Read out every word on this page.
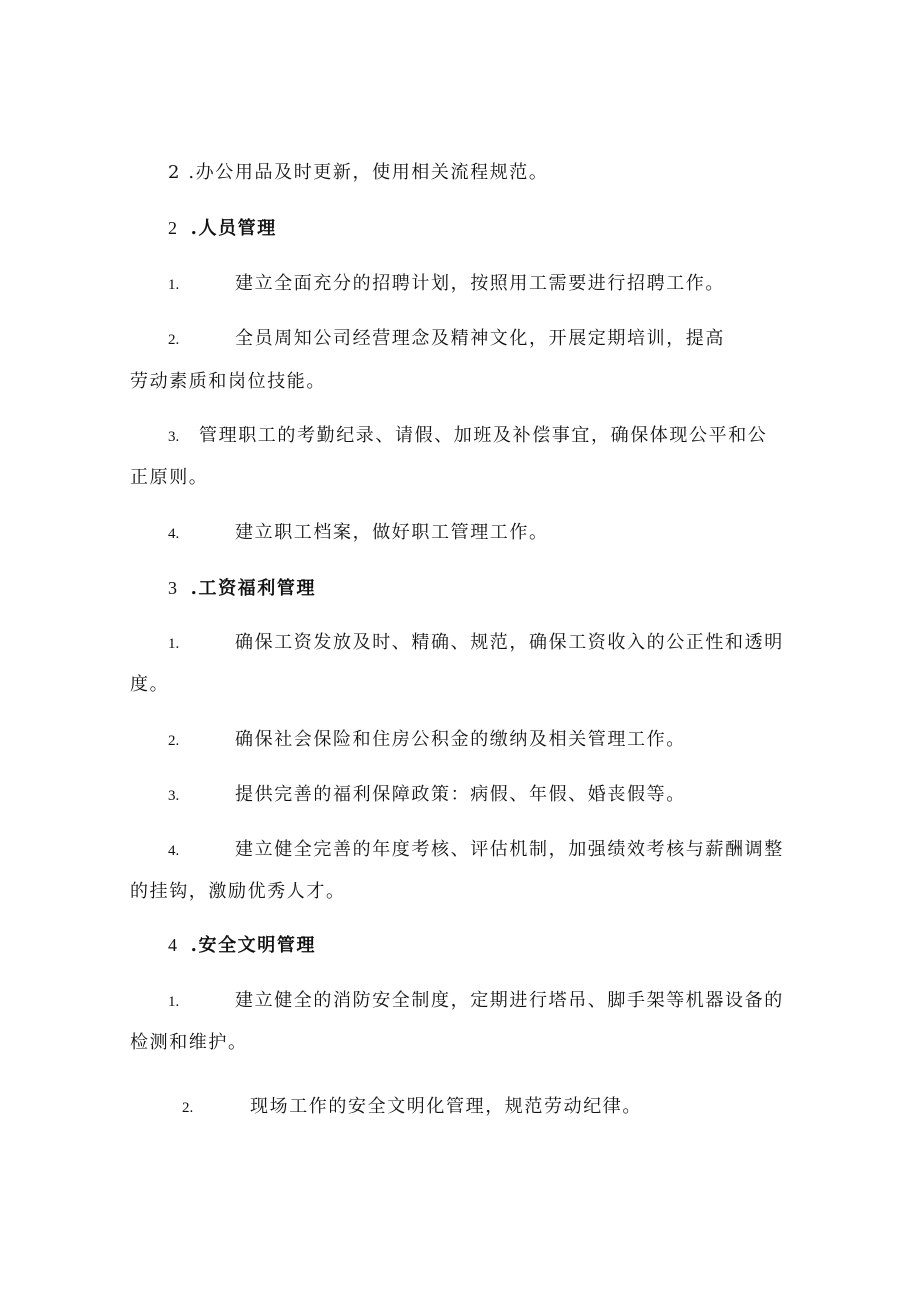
2 .办公用品及时更新，使用相关流程规范。
2 .人员管理
1.	建立全面充分的招聘计划，按照用工需要进行招聘工作。
2.	全员周知公司经营理念及精神文化，开展定期培训，提高
劳动素质和岗位技能。
3. 管理职工的考勤纪录、请假、加班及补偿事宜，确保体现公平和公
正原则。
4.	建立职工档案，做好职工管理工作。
3 .工资福利管理
1.	确保工资发放及时、精确、规范，确保工资收入的公正性和透明
度。
2.	确保社会保险和住房公积金的缴纳及相关管理工作。
3.	提供完善的福利保障政策：病假、年假、婚丧假等。
4.	建立健全完善的年度考核、评估机制，加强绩效考核与薪酬调整
的挂钩，激励优秀人才。
4 .安全文明管理
1.	建立健全的消防安全制度，定期进行塔吊、脚手架等机器设备的
检测和维护。
2.	现场工作的安全文明化管理，规范劳动纪律。
